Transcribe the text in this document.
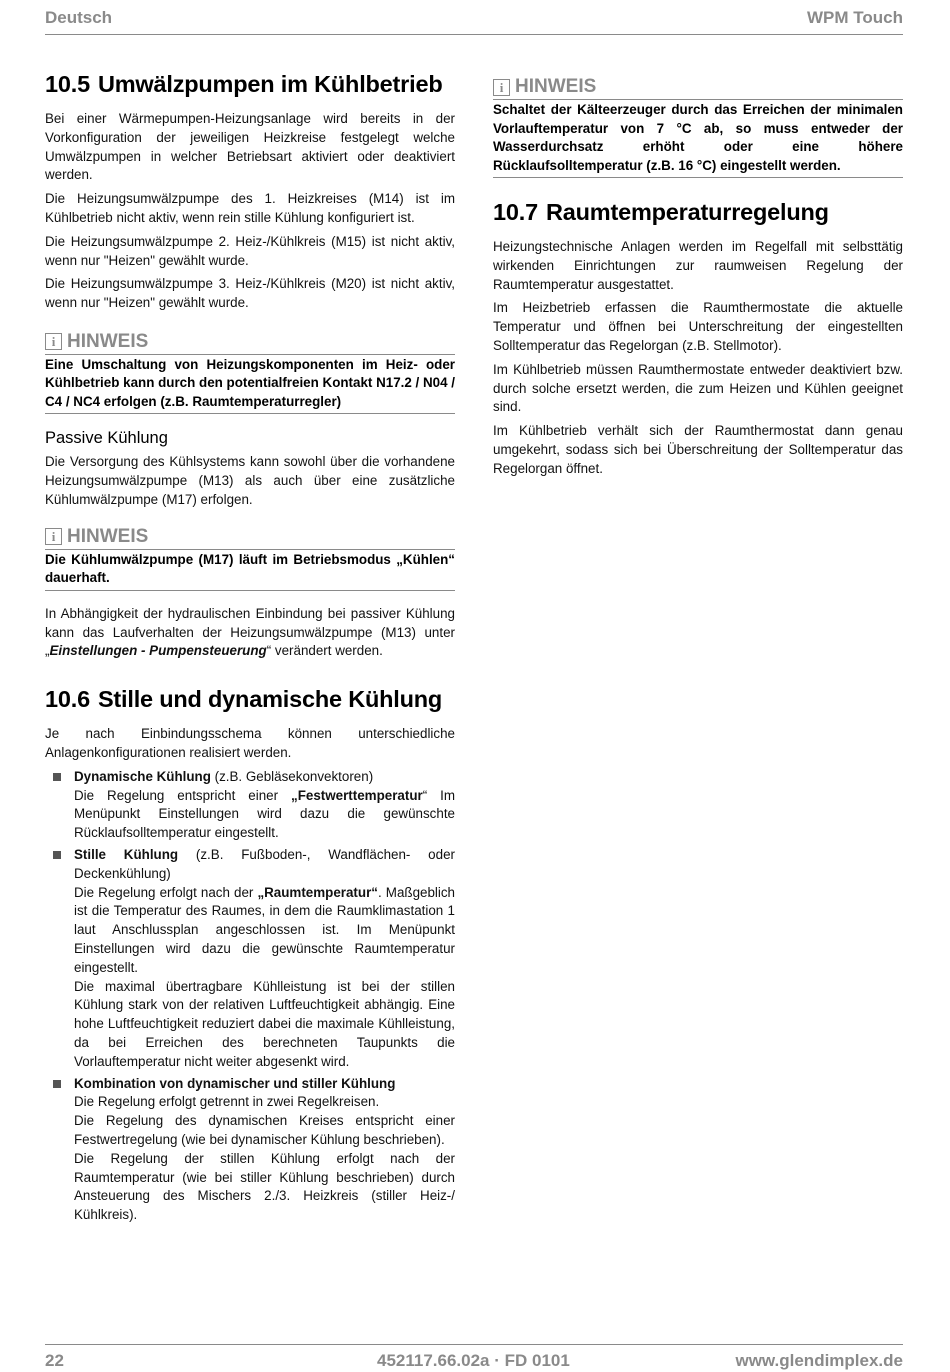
Deutsch	WPM Touch
10.5 Umwälzpumpen im Kühlbetrieb

Bei einer Wärmepumpen-Heizungsanlage wird bereits in der Vorkonfiguration der jeweiligen Heizkreise festgelegt welche Umwälzpumpen in welcher Betriebsart aktiviert oder deaktiviert werden.

Die Heizungsumwälzpumpe des 1. Heizkreises (M14) ist im Kühlbetrieb nicht aktiv, wenn rein stille Kühlung konfiguriert ist.

Die Heizungsumwälzpumpe 2. Heiz-/Kühlkreis (M15) ist nicht aktiv, wenn nur "Heizen" gewählt wurde.

Die Heizungsumwälzpumpe 3. Heiz-/Kühlkreis (M20) ist nicht aktiv, wenn nur "Heizen" gewählt wurde.

i HINWEIS
Eine Umschaltung von Heizungskomponenten im Heiz- oder Kühlbetrieb kann durch den potentialfreien Kontakt N17.2 / N04 / C4 / NC4 erfolgen (z.B. Raumtemperaturregler)
Passive Kühlung

Die Versorgung des Kühlsystems kann sowohl über die vorhandene Heizungsumwälzpumpe (M13) als auch über eine zusätzliche Kühlumwälzpumpe (M17) erfolgen.

i HINWEIS
Die Kühlumwälzpumpe (M17) läuft im Betriebsmodus „Kühlen“ dauerhaft.

In Abhängigkeit der hydraulischen Einbindung bei passiver Kühlung kann das Laufverhalten der Heizungsumwälzpumpe (M13) unter „Einstellungen - Pumpensteuerung“ verändert werden.

10.6 Stille und dynamische Kühlung

Je nach Einbindungsschema können unterschiedliche Anlagenkonfigurationen realisiert werden.

Dynamische Kühlung (z.B. Gebläsekonvektoren)

Die Regelung entspricht einer „Festwerttemperatur“ Im Menüpunkt Einstellungen wird dazu die gewünschte Rücklaufsolltemperatur eingestellt.

Stille Kühlung (z.B. Fußboden-, Wandflächen- oder Deckenkühlung)

Die Regelung erfolgt nach der „Raumtemperatur“. Maßgeblich ist die Temperatur des Raumes, in dem die Raumklimastation 1 laut Anschlussplan angeschlossen ist. Im Menüpunkt Einstellungen wird dazu die gewünschte Raumtemperatur eingestellt.

Die maximal übertragbare Kühlleistung ist bei der stillen Kühlung stark von der relativen Luftfeuchtigkeit abhängig. Eine hohe Luftfeuchtigkeit reduziert dabei die maximale Kühlleistung, da bei Erreichen des berechneten Taupunkts die Vorlauftemperatur nicht weiter abgesenkt wird.

Kombination von dynamischer und stiller Kühlung

Die Regelung erfolgt getrennt in zwei Regelkreisen.

Die Regelung des dynamischen Kreises entspricht einer Festwertregelung (wie bei dynamischer Kühlung beschrieben).

Die Regelung der stillen Kühlung erfolgt nach der Raumtemperatur (wie bei stiller Kühlung beschrieben) durch Ansteuerung des Mischers 2./3. Heizkreis (stiller Heiz-/ Kühlkreis).

i HINWEIS
Schaltet der Kälteerzeuger durch das Erreichen der minimalen Vorlauftemperatur von 7 °C ab, so muss entweder der Wasserdurchsatz erhöht oder eine höhere Rücklaufsolltemperatur (z.B. 16 °C) eingestellt werden.
10.7 Raumtemperaturregelung

Heizungstechnische Anlagen werden im Regelfall mit selbsttätig wirkenden Einrichtungen zur raumweisen Regelung der Raumtemperatur ausgestattet.

Im Heizbetrieb erfassen die Raumthermostate die aktuelle Temperatur und öffnen bei Unterschreitung der eingestellten Solltemperatur das Regelorgan (z.B. Stellmotor).

Im Kühlbetrieb müssen Raumthermostate entweder deaktiviert bzw. durch solche ersetzt werden, die zum Heizen und Kühlen geeignet sind.

Im Kühlbetrieb verhält sich der Raumthermostat dann genau umgekehrt, sodass sich bei Überschreitung der Solltemperatur das Regelorgan öffnet.

22	452117.66.02a · FD 0101	www.glendimplex.de
